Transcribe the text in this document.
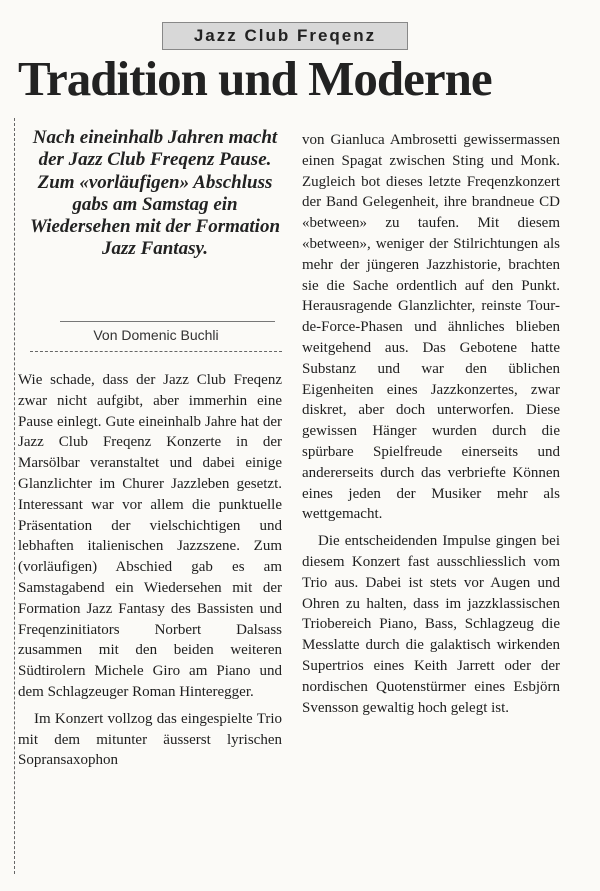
Jazz Club Freqenz
Tradition und Moderne
Nach eineinhalb Jahren macht der Jazz Club Freqenz Pause. Zum «vorläufigen» Abschluss gabs am Samstag ein Wiedersehen mit der Formation Jazz Fantasy.
Von Domenic Buchli

Wie schade, dass der Jazz Club Freqenz zwar nicht aufgibt, aber immerhin eine Pause einlegt. Gute eineinhalb Jahre hat der Jazz Club Freqenz Konzerte in der Marsölbar veranstaltet und dabei einige Glanzlichter im Churer Jazzleben gesetzt. Interessant war vor allem die punktuelle Präsentation der vielschichtigen und lebhaften italienischen Jazzszene. Zum (vorläufigen) Abschied gab es am Samstagabend ein Wiedersehen mit der Formation Jazz Fantasy des Bassisten und Freqenzinitiators Norbert Dalsass zusammen mit den beiden weiteren Südtirolern Michele Giro am Piano und dem Schlagzeuger Roman Hinteregger.

Im Konzert vollzog das eingespielte Trio mit dem mitunter äusserst lyrischen Sopransaxophon

von Gianluca Ambrosetti gewissermassen einen Spagat zwischen Sting und Monk. Zugleich bot dieses letzte Freqenzkonzert der Band Gelegenheit, ihre brandneue CD «between» zu taufen. Mit diesem «between», weniger der Stilrichtungen als mehr der jüngeren Jazzhistorie, brachten sie die Sache ordentlich auf den Punkt. Herausragende Glanzlichter, reinste Tour-de-Force-Phasen und ähnliches blieben weitgehend aus. Das Gebotene hatte Substanz und war den üblichen Eigenheiten eines Jazzkonzertes, zwar diskret, aber doch unterworfen. Diese gewissen Hänger wurden durch die spürbare Spielfreude einerseits und andererseits durch das verbriefte Können eines jeden der Musiker mehr als wettgemacht.

Die entscheidenden Impulse gingen bei diesem Konzert fast ausschliesslich vom Trio aus. Dabei ist stets vor Augen und Ohren zu halten, dass im jazzklassischen Triobereich Piano, Bass, Schlagzeug die Messlatte durch die galaktisch wirkenden Supertrios eines Keith Jarrett oder der nordischen Quotenstürmer eines Esbjörn Svensson gewaltig hoch gelegt ist.
